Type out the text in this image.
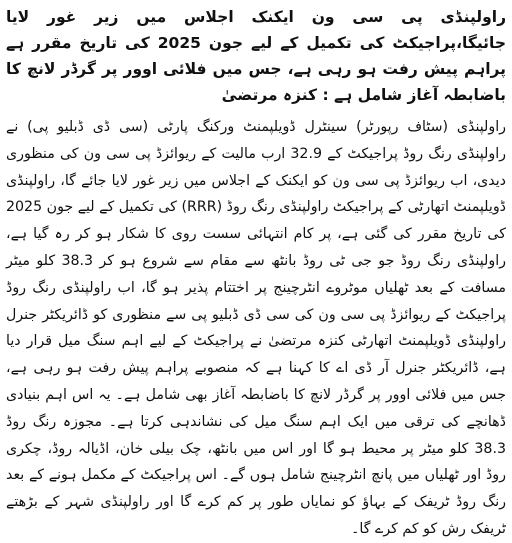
راولپنڈی پی سی ون ایکنک اجلاس میں زیر غور لایا جائیگا،پراجیکٹ کی تکمیل کے لیے جون 2025 کی تاریخ مقرر ہے پراہم پیش رفت ہو رہی ہے، جس میں فلائی اوور پر گرڈر لانچ کا باضابطہ آغاز شامل ہے : کنزہ مرتضیٰ

راولپنڈی (سٹاف رپورٹر) سینٹرل ڈویلپمنٹ ورکنگ پارٹی (سی ڈی ڈبلیو پی) نے راولپنڈی رنگ روڈ پراجیکٹ کے 32.9 ارب مالیت کے ریوائزڈ پی سی ون کی منظوری دیدی، اب ریوائزڈ پی سی ون کو ایکنک کے اجلاس میں زیر غور لایا جائے گا، راولپنڈی ڈویلپمنٹ اتھارٹی کے پراجیکٹ راولپنڈی رنگ روڈ (RRR) کی تکمیل کے لیے جون 2025 کی تاریخ مقرر کی گئی ہے، پر کام انتہائی سست روی کا شکار ہو کر رہ گیا ہے، راولپنڈی رنگ روڈ جو جی ٹی روڈ بانٹھ سے مقام سے شروع ہو کر 38.3 کلو میٹر مسافت کے بعد ٹھلیاں موٹروے انٹرچینج پر اختتام پذیر ہو گا، اب راولپنڈی رنگ روڈ پراجیکٹ کے ریوائزڈ پی سی ون کی سی ڈی ڈبلیو پی سے منظوری کو ڈائریکٹر جنرل راولپنڈی ڈویلپمنٹ اتھارٹی کنزہ مرتضیٰ نے پراجیکٹ کے لیے اہم سنگ میل قرار دیا ہے، ڈائریکٹر جنرل آر ڈی اے کا کہنا ہے کہ منصوبے پراہم پیش رفت ہو رہی ہے، جس میں فلائی اوور پر گرڈر لانچ کا باضابطہ آغاز بھی شامل ہے۔ یہ اس اہم بنیادی ڈھانچے کی ترقی میں ایک اہم سنگ میل کی نشاندہی کرتا ہے۔ مجوزہ رنگ روڈ 38.3 کلو میٹر پر محیط ہو گا اور اس میں بانٹھ، چک بیلی خان، اڈیالہ روڈ، چکری روڈ اور ٹھلیاں میں پانچ انٹرچینج شامل ہوں گے۔ اس پراجیکٹ کے مکمل ہونے کے بعد رنگ روڈ ٹریفک کے بہاؤ کو نمایاں طور پر کم کرے گا اور راولپنڈی شہر کے بڑھتے ٹریفک رش کو کم کرے گا۔
